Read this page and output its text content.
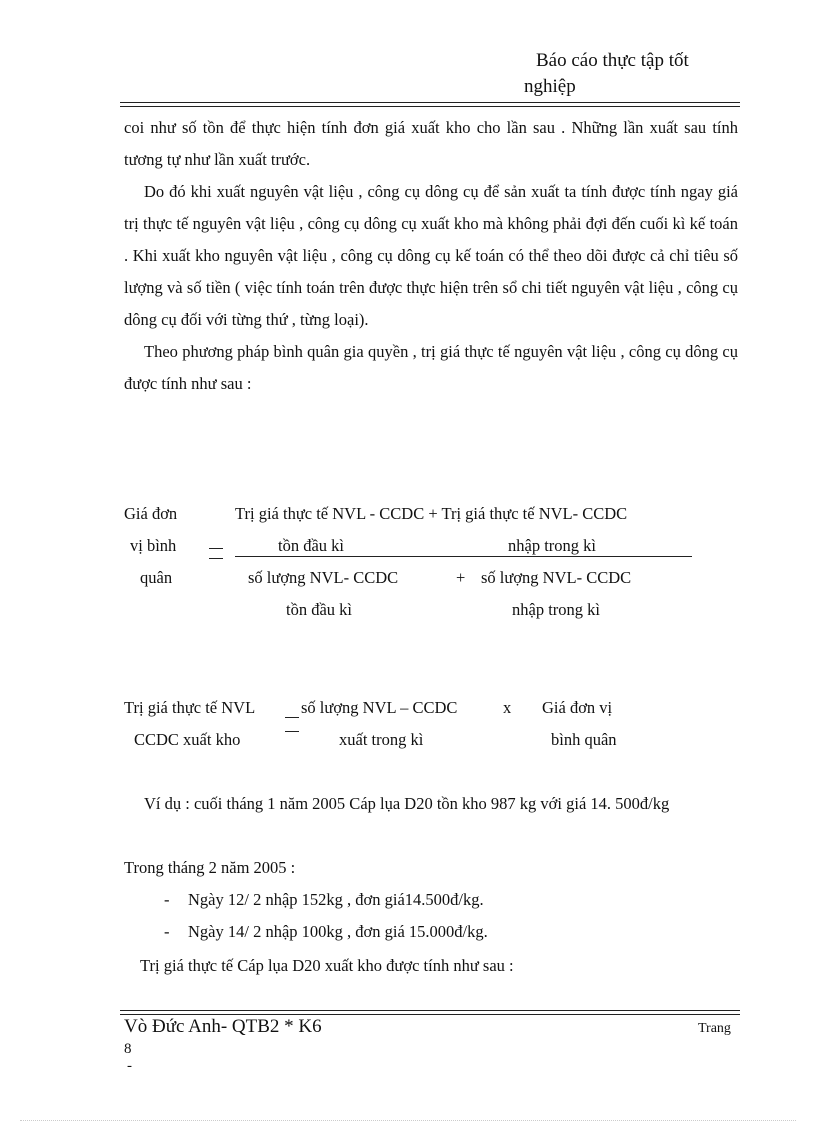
Báo cáo thực tập tốt
nghiệp

coi như số tồn để thực hiện tính đơn giá xuất kho cho lần sau . Những lần xuất sau tính tương tự như lần xuất trước.

Do đó khi xuất nguyên vật liệu , công cụ dông cụ để sản xuất ta tính được tính ngay giá trị thực tế nguyên vật liệu , công cụ dông cụ xuất kho mà không phải đợi đến cuối kì kế toán . Khi xuất kho nguyên vật liệu , công cụ dông cụ kế toán có thể theo dõi được cả chỉ tiêu số lượng và số tiền ( việc tính toán trên được thực hiện trên sổ chi tiết nguyên vật liệu , công cụ dông cụ đối với từng thứ , từng loại).

Theo phương pháp bình quân gia quyền , trị giá thực tế nguyên vật liệu , công cụ dông cụ được tính như sau :

Giá đơn
vị bình
quân
Trị giá thực tế NVL - CCDC + Trị giá thực tế NVL- CCDC
tồn đầu kì	nhập trong kì
số lượng NVL- CCDC	+ số lượng NVL- CCDC
tồn đầu kì	nhập trong kì
Trị giá thực tế NVL
CCDC xuất kho
số lượng NVL – CCDC
xuất trong kì
x Giá đơn vị
bình quân

Ví dụ : cuối tháng 1 năm 2005 Cáp lụa D20 tồn kho 987 kg với giá 14. 500đ/kg

Trong tháng 2 năm 2005 :
- Ngày 12/ 2 nhập 152kg , đơn giá14.500đ/kg.
- Ngày 14/ 2 nhập 100kg , đơn giá 15.000đ/kg.
Trị giá thực tế Cáp lụa D20 xuất kho được tính như sau :
Vò Đức Anh- QTB2 * K6	Trang
8
-
